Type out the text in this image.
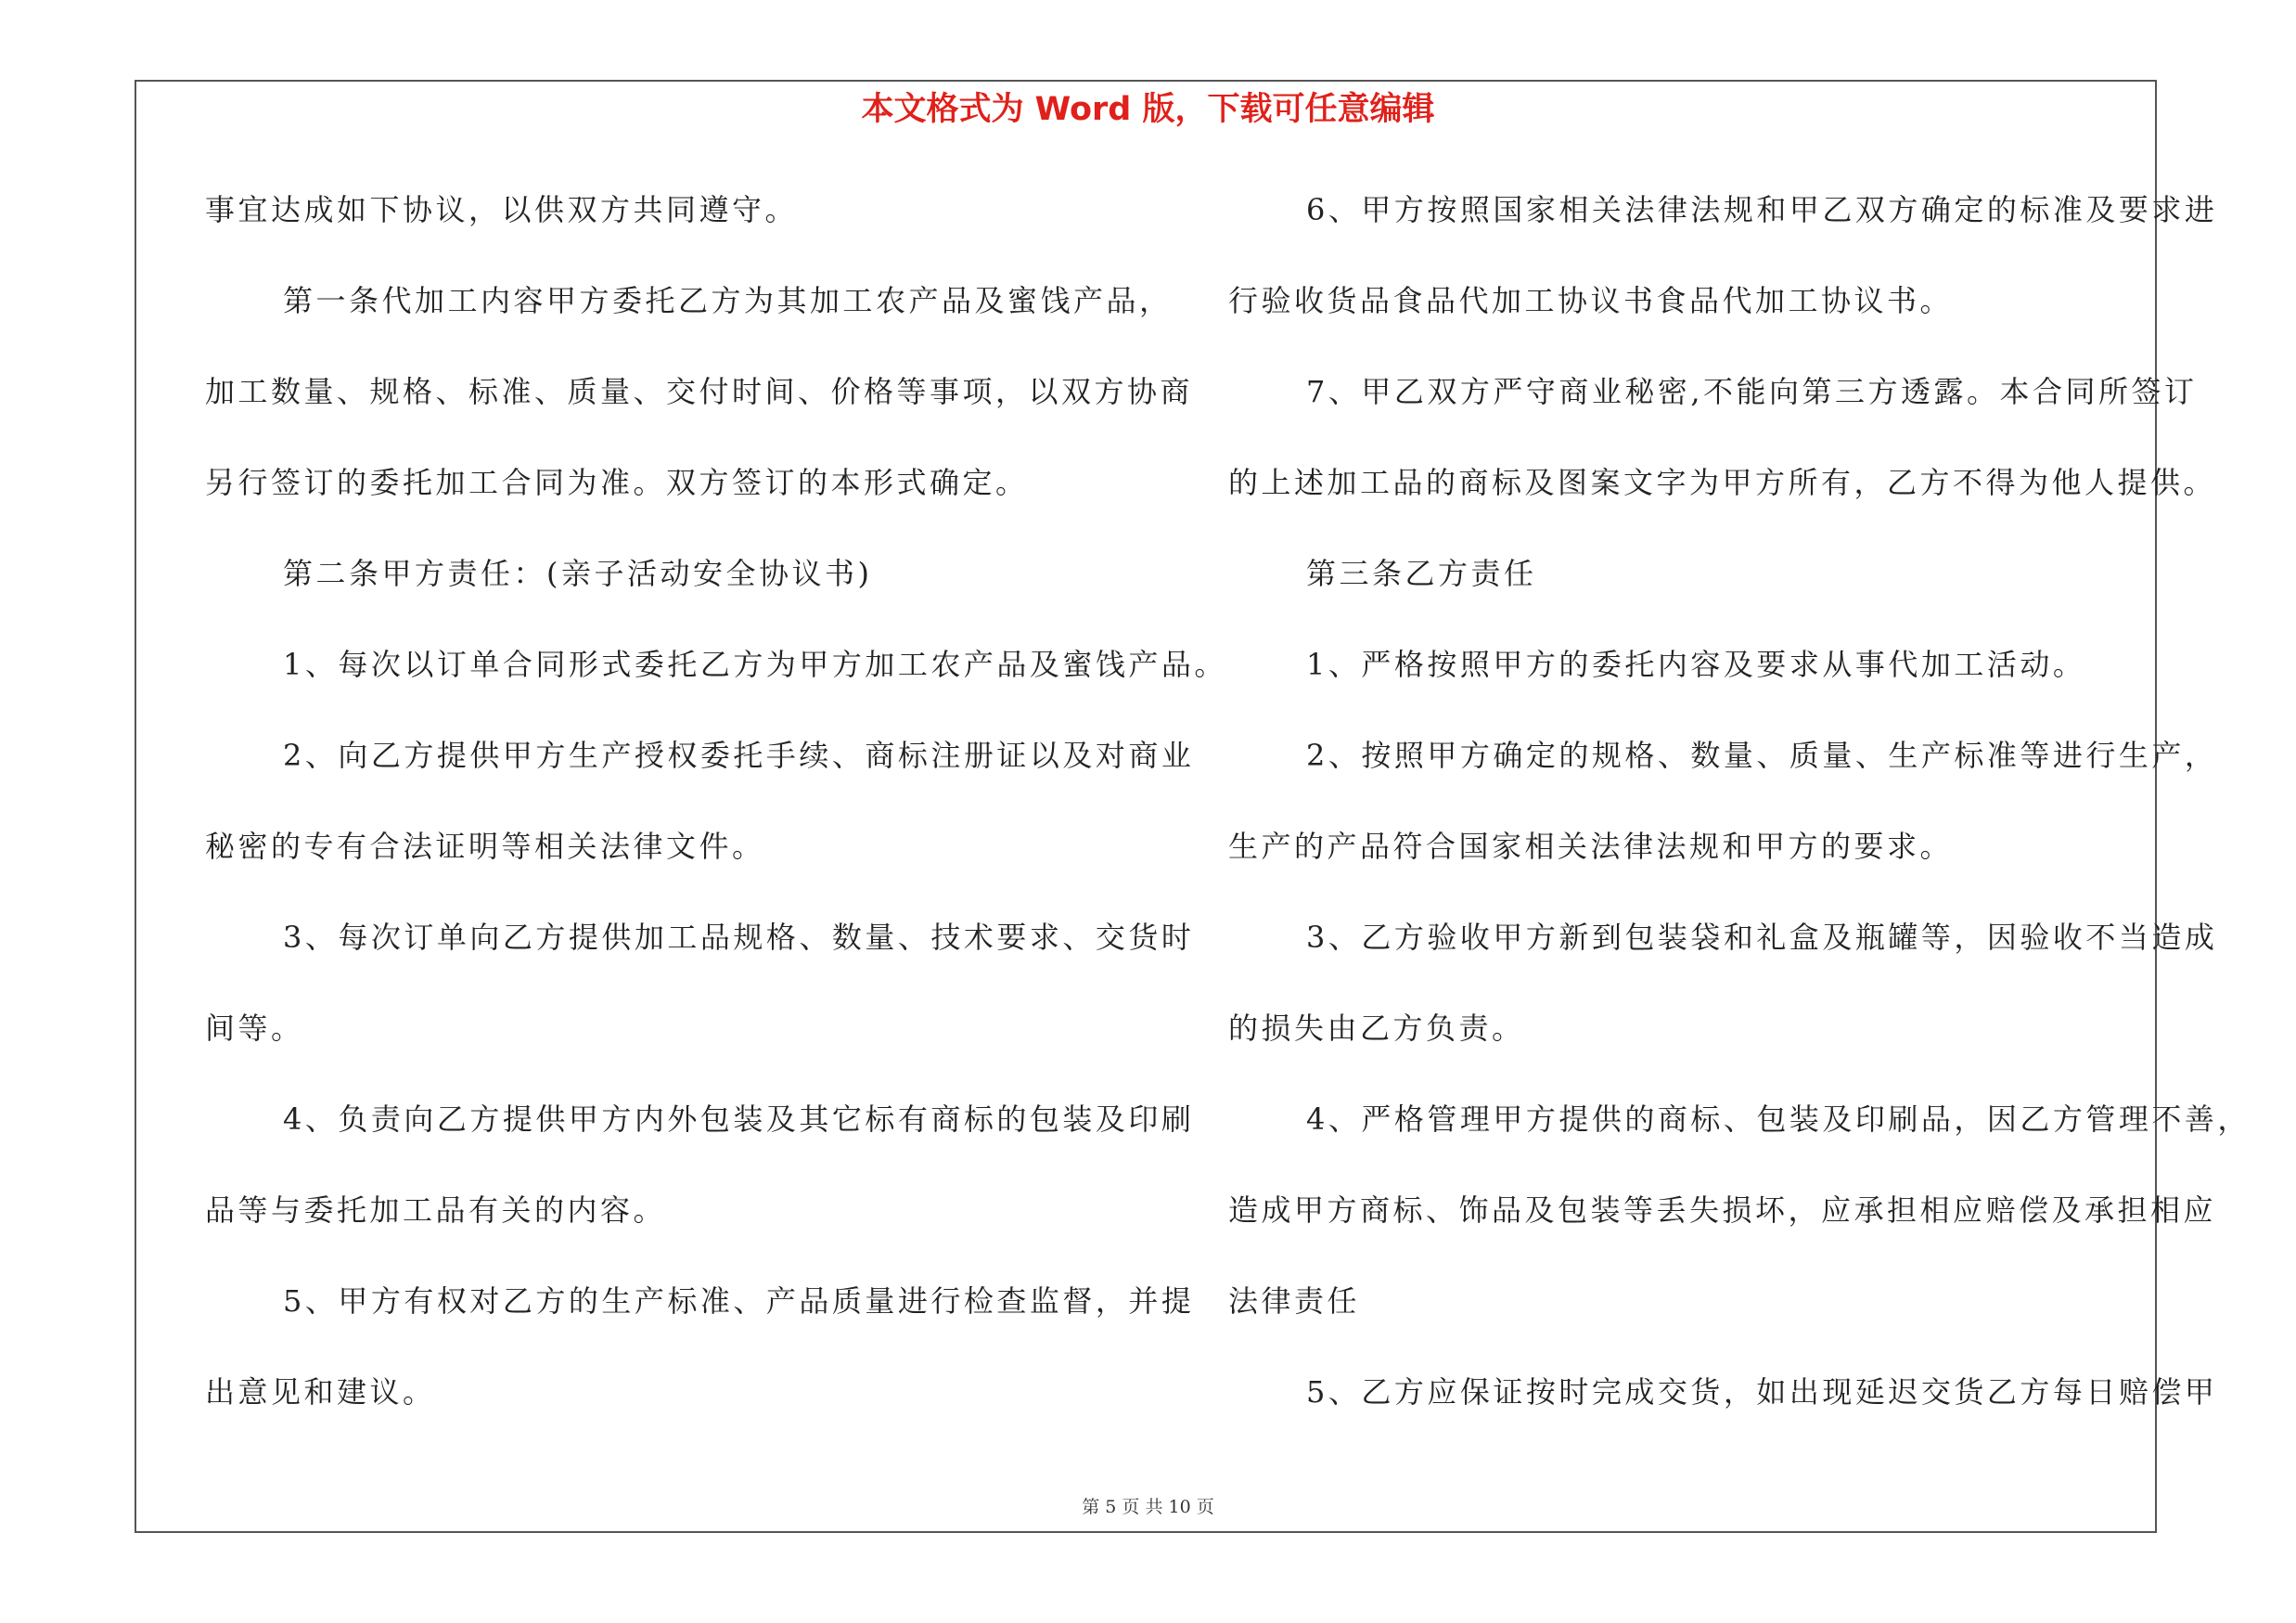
本文格式为 Word 版，下载可任意编辑
事宜达成如下协议，以供双方共同遵守。
第一条代加工内容甲方委托乙方为其加工农产品及蜜饯产品，
加工数量、规格、标准、质量、交付时间、价格等事项，以双方协商
另行签订的委托加工合同为准。双方签订的本形式确定。
第二条甲方责任：(亲子活动安全协议书)
1、每次以订单合同形式委托乙方为甲方加工农产品及蜜饯产品。
2、向乙方提供甲方生产授权委托手续、商标注册证以及对商业
秘密的专有合法证明等相关法律文件。
3、每次订单向乙方提供加工品规格、数量、技术要求、交货时
间等。
4、负责向乙方提供甲方内外包装及其它标有商标的包装及印刷
品等与委托加工品有关的内容。
5、甲方有权对乙方的生产标准、产品质量进行检查监督，并提
出意见和建议。
6、甲方按照国家相关法律法规和甲乙双方确定的标准及要求进
行验收货品食品代加工协议书食品代加工协议书。
7、甲乙双方严守商业秘密,不能向第三方透露。本合同所签订
的上述加工品的商标及图案文字为甲方所有，乙方不得为他人提供。
第三条乙方责任
1、严格按照甲方的委托内容及要求从事代加工活动。
2、按照甲方确定的规格、数量、质量、生产标准等进行生产，
生产的产品符合国家相关法律法规和甲方的要求。
3、乙方验收甲方新到包装袋和礼盒及瓶罐等，因验收不当造成
的损失由乙方负责。
4、严格管理甲方提供的商标、包装及印刷品，因乙方管理不善，
造成甲方商标、饰品及包装等丢失损坏，应承担相应赔偿及承担相应
法律责任
5、乙方应保证按时完成交货，如出现延迟交货乙方每日赔偿甲
第 5 页 共 10 页
